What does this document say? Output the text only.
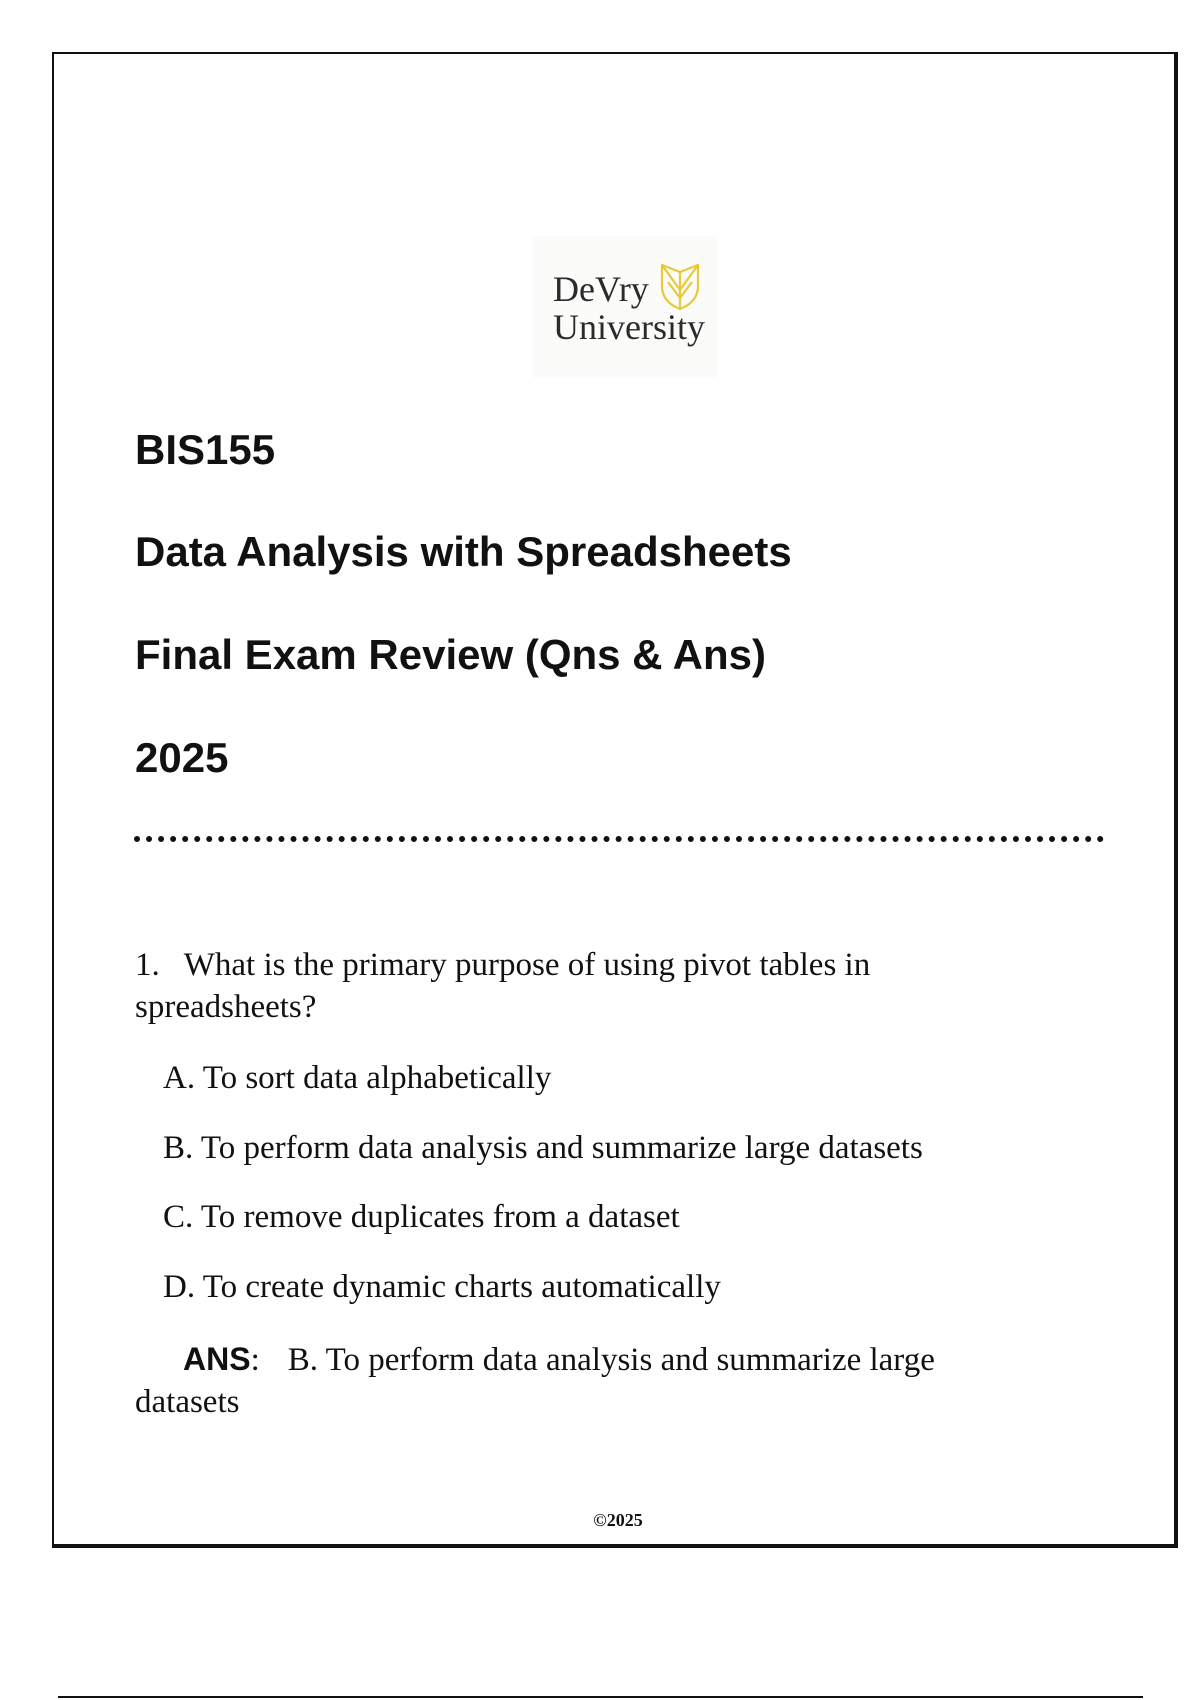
DeVry
University
BIS155
Data Analysis with Spreadsheets
Final Exam Review (Qns & Ans)
2025

1. What is the primary purpose of using pivot tables in spreadsheets?

A. To sort data alphabetically
B. To perform data analysis and summarize large datasets
C. To remove duplicates from a dataset
D. To create dynamic charts automatically
ANS: B. To perform data analysis and summarize large datasets
©2025
